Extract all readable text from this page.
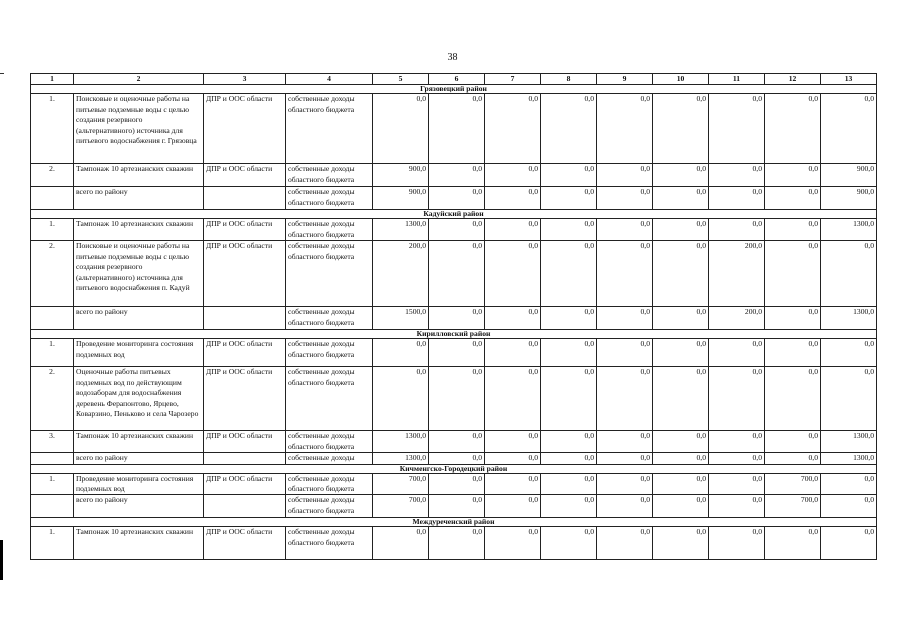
38
1	2	3	4	5	6	7	8	9	10	11	12	13
Грязовецкий район												
1.	Поисковые и оценочные работы на питьевые подземные воды с целью создания резервного (альтернативного) источника для питьевого водоснабжения г. Грязовца	ДПР и ООС области	собственные доходы областного бюджета	0,0	0,0	0,0	0,0	0,0	0,0	0,0	0,0	0,0
2.	Тампонаж 10 артезианских скважин	ДПР и ООС области	собственные доходы областного бюджета	900,0	0,0	0,0	0,0	0,0	0,0	0,0	0,0	900,0
	всего по району		собственные доходы областного бюджета	900,0	0,0	0,0	0,0	0,0	0,0	0,0	0,0	900,0
Кадуйский район												
1.	Тампонаж 10 артезианских скважин	ДПР и ООС области	собственные доходы областного бюджета	1300,0	0,0	0,0	0,0	0,0	0,0	0,0	0,0	1300,0
2.	Поисковые и оценочные работы на питьевые подземные воды с целью создания резервного (альтернативного) источника для питьевого водоснабжения п. Кадуй	ДПР и ООС области	собственные доходы областного бюджета	200,0	0,0	0,0	0,0	0,0	0,0	200,0	0,0	0,0
	всего по району		собственные доходы областного бюджета	1500,0	0,0	0,0	0,0	0,0	0,0	200,0	0,0	1300,0
Кирилловский район												
1.	Проведение мониторинга состояния подземных вод	ДПР и ООС области	собственные доходы областного бюджета	0,0	0,0	0,0	0,0	0,0	0,0	0,0	0,0	0,0
2.	Оценочные работы питьевых подземных вод по действующим водозаборам для водоснабжения деревень Ферапонтово, Ярцево, Коварзино, Пеньково и села Чарозеро	ДПР и ООС области	собственные доходы областного бюджета	0,0	0,0	0,0	0,0	0,0	0,0	0,0	0,0	0,0
3.	Тампонаж 10 артезианских скважин	ДПР и ООС области	собственные доходы областного бюджета	1300,0	0,0	0,0	0,0	0,0	0,0	0,0	0,0	1300,0
	всего по району		собственные доходы	1300,0	0,0	0,0	0,0	0,0	0,0	0,0	0,0	1300,0
Кичменгско-Городецкий район												
1.	Проведение мониторинга состояния подземных вод	ДПР и ООС области	собственные доходы областного бюджета	700,0	0,0	0,0	0,0	0,0	0,0	0,0	700,0	0,0
	всего по району		собственные доходы областного бюджета	700,0	0,0	0,0	0,0	0,0	0,0	0,0	700,0	0,0
Междуреченский район												
1.	Тампонаж 10 артезианских скважин	ДПР и ООС области	собственные доходы областного бюджета	0,0	0,0	0,0	0,0	0,0	0,0	0,0	0,0	0,0
